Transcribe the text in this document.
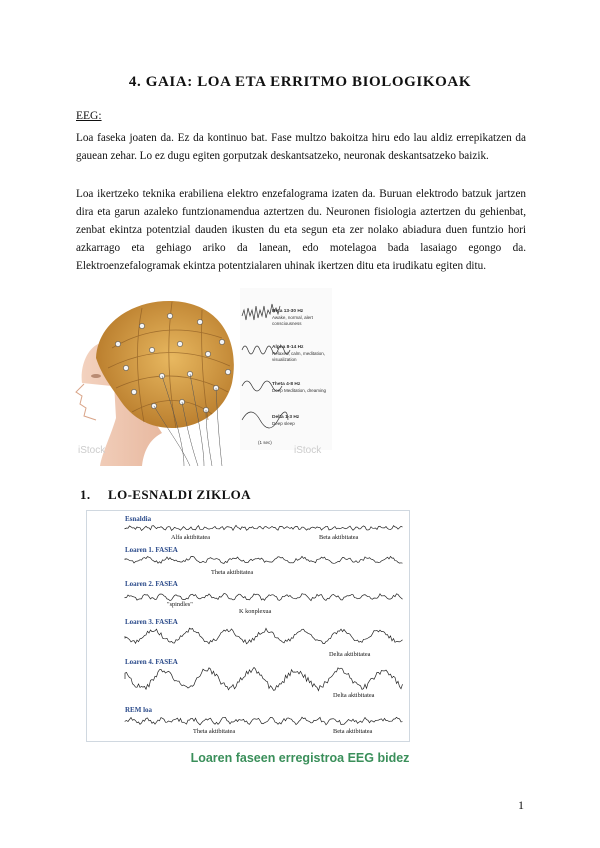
4. GAIA: LOA ETA ERRITMO BIOLOGIKOAK
EEG:

Loa faseka joaten da. Ez da kontinuo bat. Fase multzo bakoitza hiru edo lau aldiz errepikatzen da gauean zehar. Lo ez dugu egiten gorputzak deskantsatzeko, neuronak deskantsatzeko baizik.

Loa ikertzeko teknika erabiliena elektro enzefalograma izaten da. Buruan elektrodo batzuk jartzen dira eta garun azaleko funtzionamendua aztertzen du. Neuronen fisiologia aztertzen du gehienbat, zenbat ekintza potentzial dauden ikusten du eta segun eta zer nolako abiadura duen funtzio hori azkarrago eta gehiago ariko da lanean, edo motelagoa bada lasaiago egongo da. Elektroenzefalogramak ekintza potentzialaren uhinak ikertzen ditu eta irudikatu egiten ditu.

Beta 13-30 Hz
Awake, normal, alert consciousness
Alpha 8-14 Hz
Relaxed, calm, meditation, visualization
Theta 4-8 Hz
Deep Meditation, dreaming
Delta 1-3 Hz
Deep sleep
(1 sec)
iStock	iStock
1. LO-ESNALDI ZIKLOA
Esnaldia
Alfa aktibitatea	Beta aktibitatea
Loaren 1. FASEA
Theta aktibitatea
Loaren 2. FASEA
"spindles"
K konplexua
Loaren 3. FASEA
Delta aktibitatea
Loaren 4. FASEA
Delta aktibitatea
REM loa
Theta aktibitatea	Beta aktibitatea
Loaren faseen erregistroa EEG bidez
1
